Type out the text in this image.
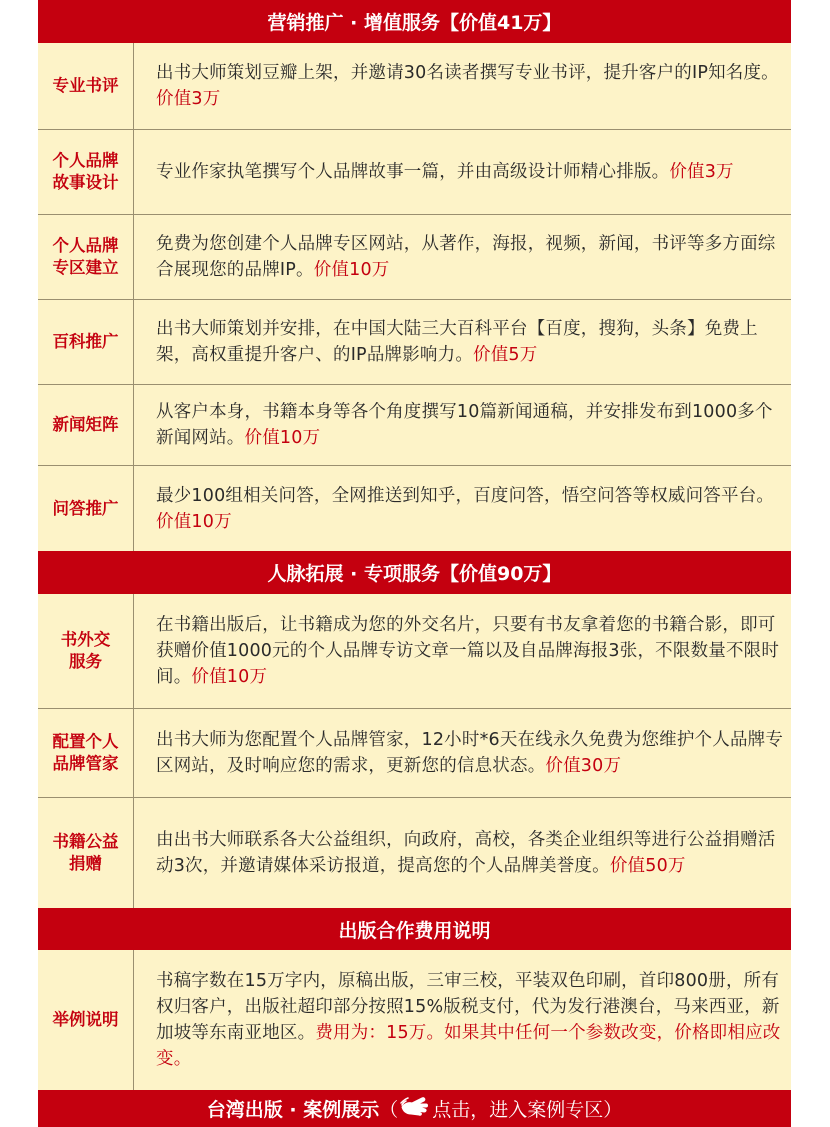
营销推广 · 增值服务【价值41万】
专业书评

出书大师策划豆瓣上架，并邀请30名读者撰写专业书评，提升客户的IP知名度。价值3万

个人品牌
故事设计

专业作家执笔撰写个人品牌故事一篇，并由高级设计师精心排版。价值3万

个人品牌
专区建立

免费为您创建个人品牌专区网站，从著作，海报，视频，新闻，书评等多方面综合展现您的品牌IP。价值10万

百科推广

出书大师策划并安排，在中国大陆三大百科平台【百度，搜狗，头条】免费上架，高权重提升客户、的IP品牌影响力。价值5万

新闻矩阵

从客户本身，书籍本身等各个角度撰写10篇新闻通稿，并安排发布到1000多个新闻网站。价值10万

问答推广

最少100组相关问答，全网推送到知乎，百度问答，悟空问答等权威问答平台。价值10万

人脉拓展 · 专项服务【价值90万】
书外交
服务

在书籍出版后，让书籍成为您的外交名片，只要有书友拿着您的书籍合影，即可获赠价值1000元的个人品牌专访文章一篇以及自品牌海报3张，不限数量不限时间。价值10万

配置个人
品牌管家

出书大师为您配置个人品牌管家，12小时*6天在线永久免费为您维护个人品牌专区网站，及时响应您的需求，更新您的信息状态。价值30万

书籍公益
捐赠

由出书大师联系各大公益组织，向政府，高校，各类企业组织等进行公益捐赠活动3次，并邀请媒体采访报道，提高您的个人品牌美誉度。价值50万

出版合作费用说明
举例说明

书稿字数在15万字内，原稿出版，三审三校，平装双色印刷，首印800册，所有权归客户，出版社超印部分按照15%版税支付，代为发行港澳台，马来西亚，新加坡等东南亚地区。费用为：15万。如果其中任何一个参数改变，价格即相应改变。

台湾出版 · 案例展示 （ 点击，进入案例专区 ）
